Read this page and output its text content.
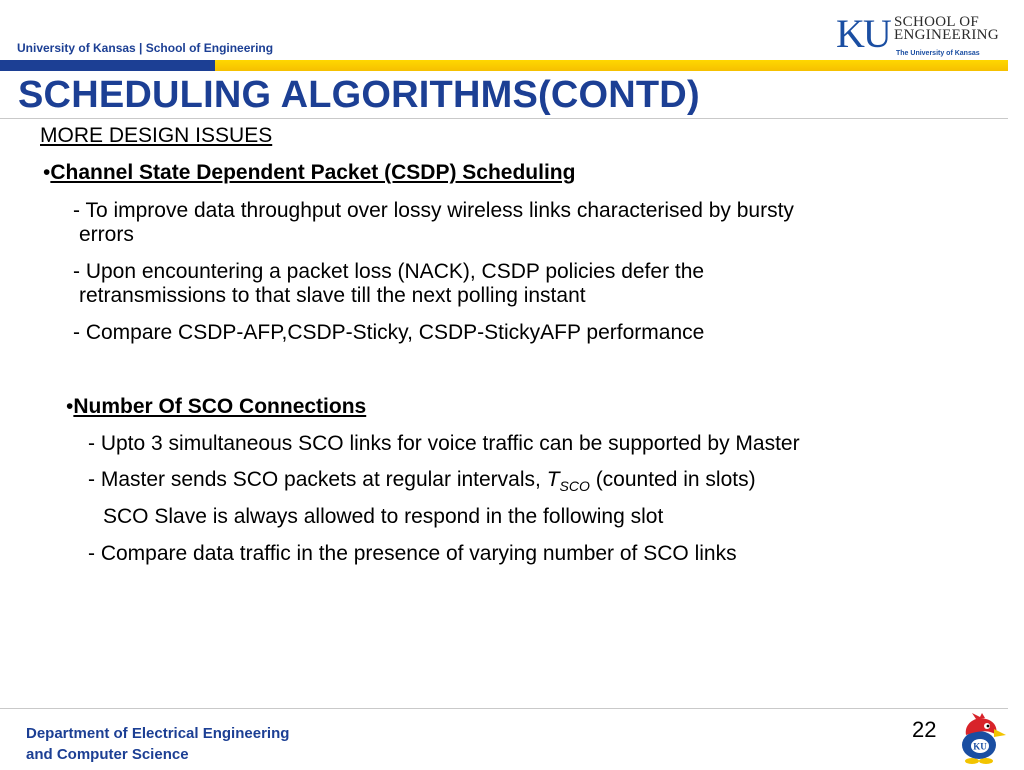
University of Kansas | School of Engineering	KU SCHOOL OF
ENGINEERING
The University of Kansas
SCHEDULING ALGORITHMS(CONTD)
MORE DESIGN ISSUES
•Channel State Dependent Packet (CSDP) Scheduling
- To improve data throughput over lossy wireless links characterised by bursty
errors
- Upon encountering a packet loss (NACK), CSDP policies defer the
retransmissions to that slave till the next polling instant
- Compare CSDP-AFP,CSDP-Sticky, CSDP-StickyAFP performance
•Number Of SCO Connections
- Upto 3 simultaneous SCO links for voice traffic can be supported by Master
- Master sends SCO packets at regular intervals, $T_{SCO}$ (counted in slots)
SCO Slave is always allowed to respond in the following slot
- Compare data traffic in the presence of varying number of SCO links
Department of Electrical Engineering
and Computer Science
22
KU
